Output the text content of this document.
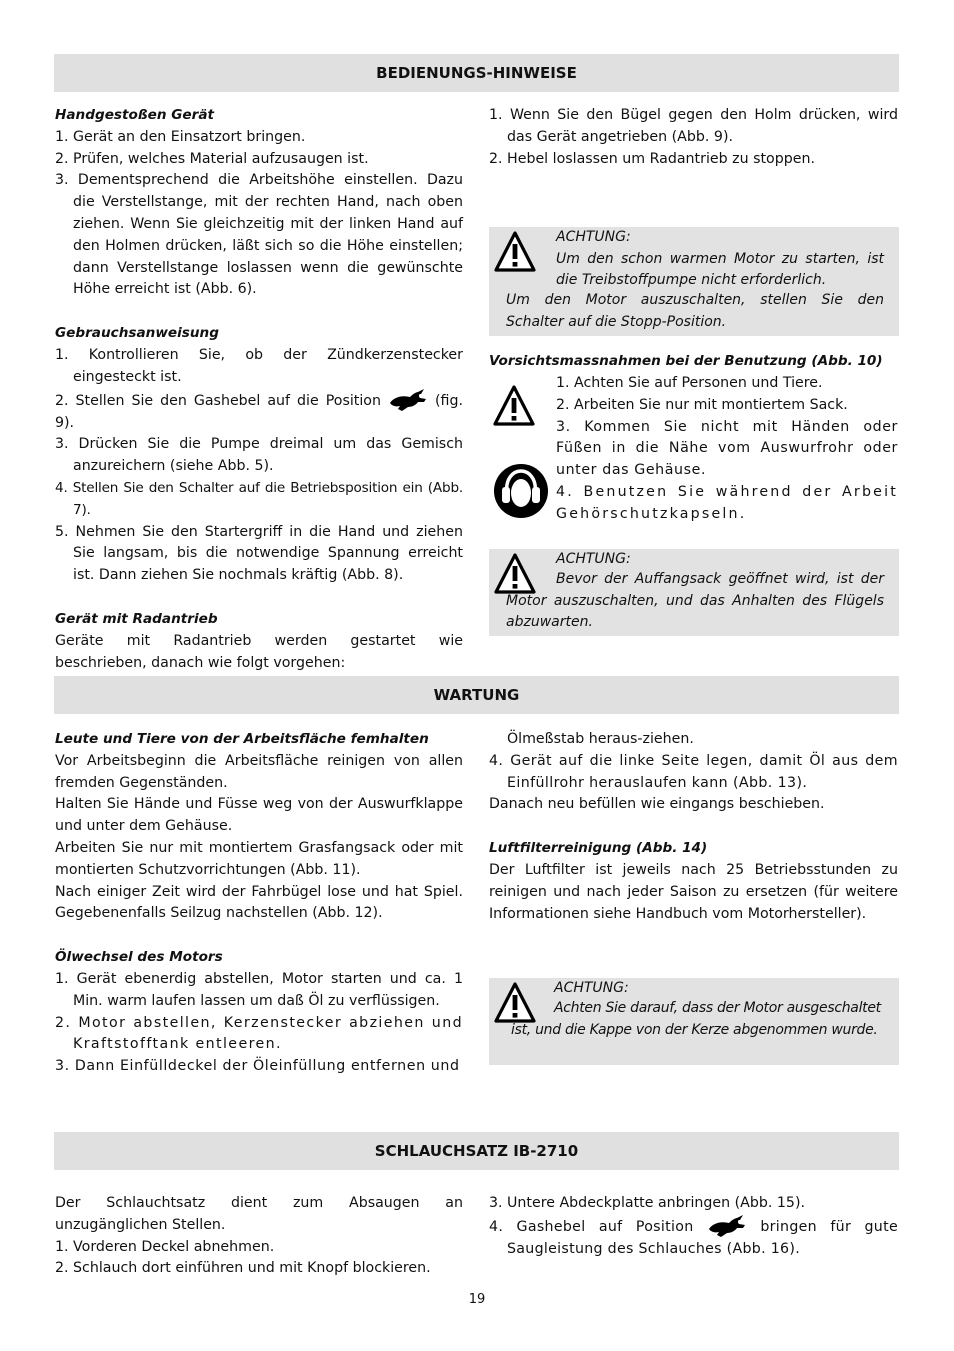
BEDIENUNGS-HINWEISE

Handgestoßen Gerät

1. Gerät an den Einsatzort bringen.

2. Prüfen, welches Material aufzusaugen ist.

3. Dementsprechend die Arbeitshöhe einstellen. Dazu die Verstellstange, mit der rechten Hand, nach oben ziehen. Wenn Sie gleichzeitig mit der linken Hand auf den Holmen drücken, läßt sich so die Höhe einstellen; dann Verstellstange loslassen wenn die gewünschte Höhe erreicht ist (Abb. 6).

Gebrauchsanweisung

1. Kontrollieren Sie, ob der Zündkerzenstecker eingesteckt ist.

2. Stellen Sie den Gashebel auf die Position	(fig. 9).

3. Drücken Sie die Pumpe dreimal um das Gemisch anzureichern (siehe Abb. 5).

4. Stellen Sie den Schalter auf die Betriebsposition ein (Abb. 7).

5. Nehmen Sie den Startergriff in die Hand und ziehen Sie langsam, bis die notwendige Spannung erreicht ist. Dann ziehen Sie nochmals kräftig (Abb. 8).

Gerät mit Radantrieb

Geräte mit Radantrieb werden gestartet wie beschrieben, danach wie folgt vorgehen:

1. Wenn Sie den Bügel gegen den Holm drücken, wird das Gerät angetrieben (Abb. 9).

2. Hebel loslassen um Radantrieb zu stoppen.

ACHTUNG:
Um den schon warmen Motor zu starten, ist die Treibstoffpumpe nicht erforderlich.
Um den Motor auszuschalten, stellen Sie den Schalter auf die Stopp-Position.

Vorsichtsmassnahmen bei der Benutzung (Abb. 10)

1. Achten Sie auf Personen und Tiere.

2. Arbeiten Sie nur mit montiertem Sack.

3. Kommen Sie nicht mit Händen oder Füßen in die Nähe vom Auswurfrohr oder unter das Gehäuse.

4. Benutzen Sie während der Arbeit Gehörschutzkapseln.

ACHTUNG:
Bevor der Auffangsack geöffnet wird, ist der Motor auszuschalten, und das Anhalten des Flügels abzuwarten.
WARTUNG

Leute und Tiere von der Arbeitsfläche femhalten

Vor Arbeitsbeginn die Arbeitsfläche reinigen von allen fremden Gegenständen.

Halten Sie Hände und Füsse weg von der Auswurfklappe und unter dem Gehäuse.

Arbeiten Sie nur mit montiertem Grasfangsack oder mit montierten Schutzvorrichtungen (Abb. 11).

Nach einiger Zeit wird der Fahrbügel lose und hat Spiel. Gegebenenfalls Seilzug nachstellen (Abb. 12).

Ölwechsel des Motors

1. Gerät ebenerdig abstellen, Motor starten und ca. 1 Min. warm laufen lassen um daß Öl zu verflüssigen.

2. Motor abstellen, Kerzenstecker abziehen und Kraftstofftank entleeren.

3. Dann Einfülldeckel der Öleinfüllung entfernen und

Ölmeßstab heraus-ziehen.

4. Gerät auf die linke Seite legen, damit Öl aus dem Einfüllrohr herauslaufen kann (Abb. 13).

Danach neu befüllen wie eingangs beschieben.

Luftfilterreinigung (Abb. 14)

Der Luftfilter ist jeweils nach 25 Betriebsstunden zu reinigen und nach jeder Saison zu ersetzen (für weitere Informationen siehe Handbuch vom Motorhersteller).

ACHTUNG:
Achten Sie darauf, dass der Motor ausgeschaltet ist, und die Kappe von der Kerze abgenommen wurde.
SCHLAUCHSATZ IB-2710

Der Schlauchtsatz dient zum Absaugen an unzugänglichen Stellen.

1. Vorderen Deckel abnehmen.

2. Schlauch dort einführen und mit Knopf blockieren.

3. Untere Abdeckplatte anbringen (Abb. 15).

4. Gashebel auf Position	bringen für gute Saugleistung des Schlauches (Abb. 16).

19
